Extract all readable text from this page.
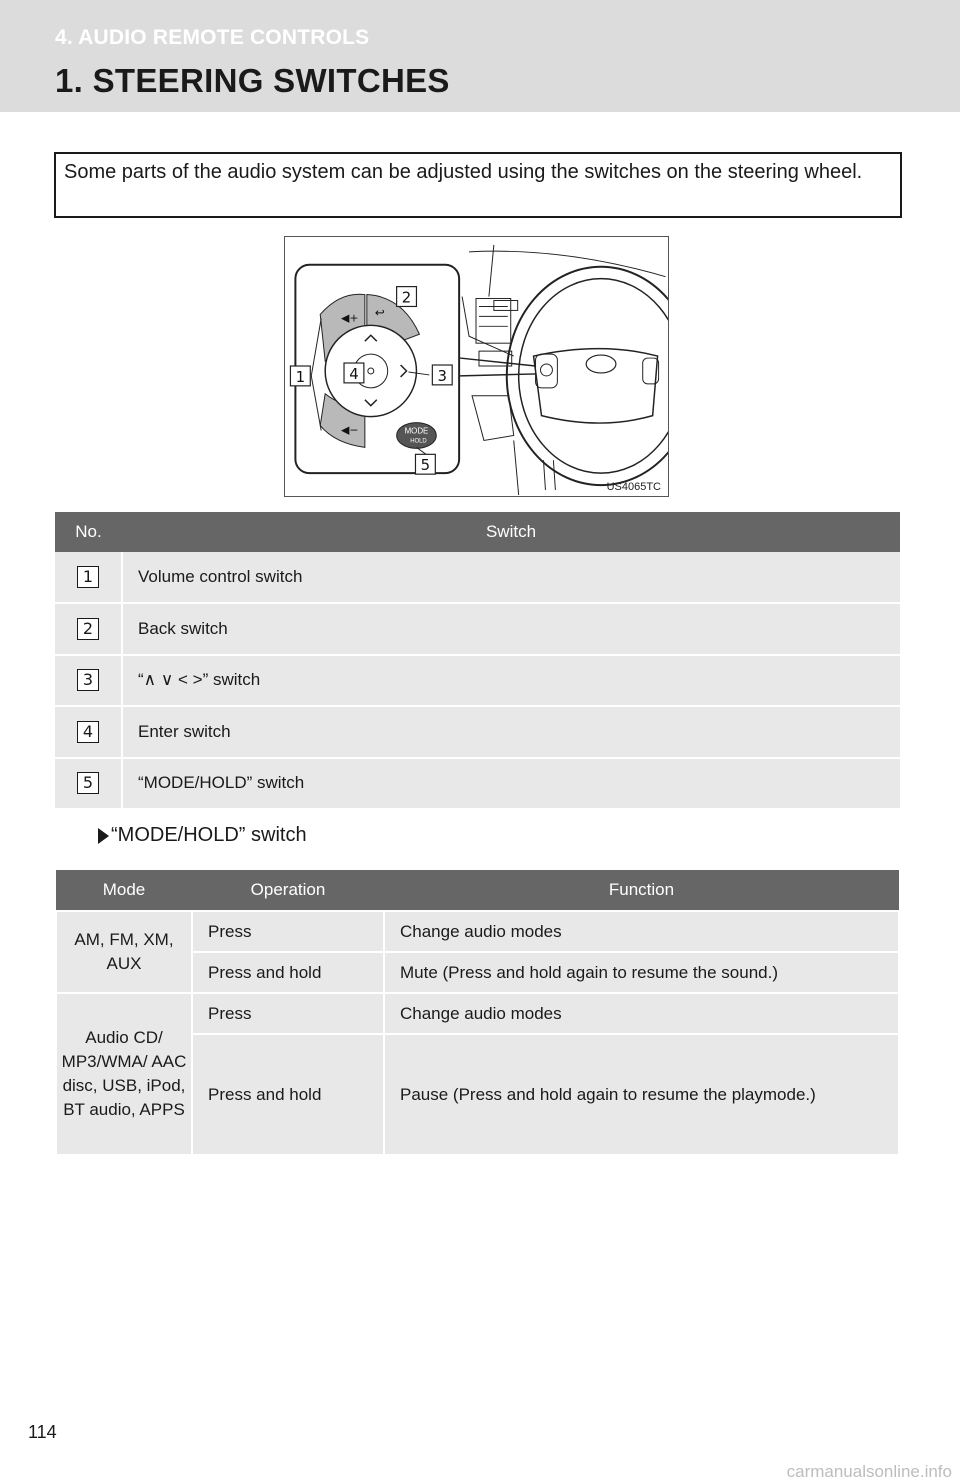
4. AUDIO REMOTE CONTROLS
1. STEERING SWITCHES
Some parts of the audio system can be adjusted using the switches on the steering wheel.
◀+ ↩
◀−	MODE
HOLD
1
2
3
4
5
US4065TC
No.	Switch
1	Volume control switch
2	Back switch
3	“∧ ∨ < >” switch
4	Enter switch
5	“MODE/HOLD” switch
“MODE/HOLD” switch
Mode	Operation	Function
AM, FM, XM, AUX	Press	Change audio modes
	Press and hold	Mute (Press and hold again to resume the sound.)
Audio CD/ MP3/WMA/ AAC disc, USB, iPod, BT audio, APPS	Press	Change audio modes
	Press and hold	Pause (Press and hold again to resume the playmode.)
114
carmanualsonline.info
